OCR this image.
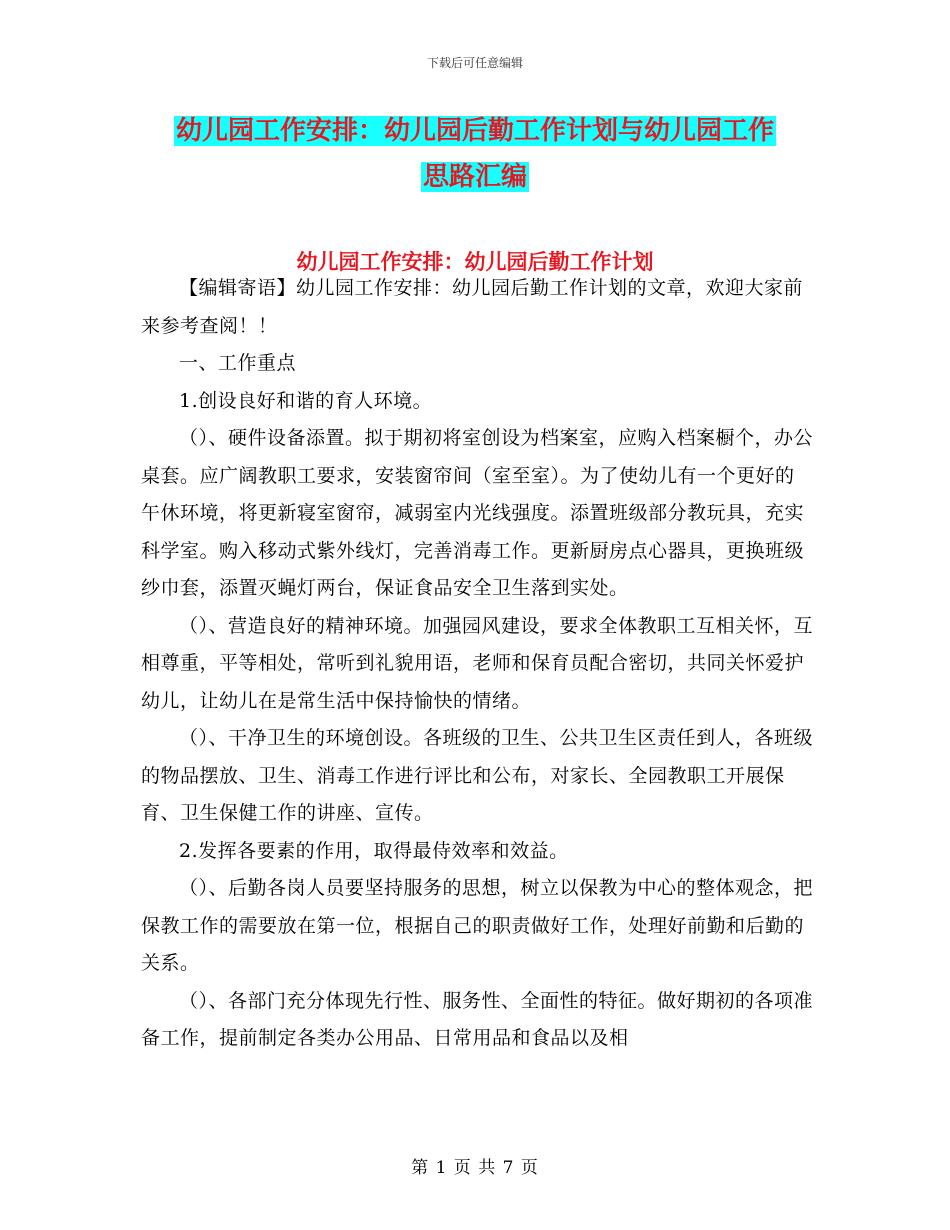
下载后可任意编辑
幼儿园工作安排：幼儿园后勤工作计划与幼儿园工作
思路汇编
幼儿园工作安排：幼儿园后勤工作计划

【编辑寄语】幼儿园工作安排：幼儿园后勤工作计划的文章，欢迎大家前来参考查阅！！

一、工作重点

1.创设良好和谐的育人环境。

（）、硬件设备添置。拟于期初将室创设为档案室，应购入档案橱个，办公桌套。应广阔教职工要求，安装窗帘间（室至室）。为了使幼儿有一个更好的午休环境，将更新寝室窗帘，减弱室内光线强度。添置班级部分教玩具，充实科学室。购入移动式紫外线灯，完善消毒工作。更新厨房点心器具，更换班级纱巾套，添置灭蝇灯两台，保证食品安全卫生落到实处。

（）、营造良好的精神环境。加强园风建设，要求全体教职工互相关怀，互相尊重，平等相处，常听到礼貌用语，老师和保育员配合密切，共同关怀爱护幼儿，让幼儿在是常生活中保持愉快的情绪。

（）、干净卫生的环境创设。各班级的卫生、公共卫生区责任到人，各班级的物品摆放、卫生、消毒工作进行评比和公布，对家长、全园教职工开展保育、卫生保健工作的讲座、宣传。

2.发挥各要素的作用，取得最侍效率和效益。

（）、后勤各岗人员要坚持服务的思想，树立以保教为中心的整体观念，把保教工作的需要放在第一位，根据自己的职责做好工作，处理好前勤和后勤的关系。

（）、各部门充分体现先行性、服务性、全面性的特征。做好期初的各项准备工作，提前制定各类办公用品、日常用品和食品以及相

第 1 页 共 7 页
